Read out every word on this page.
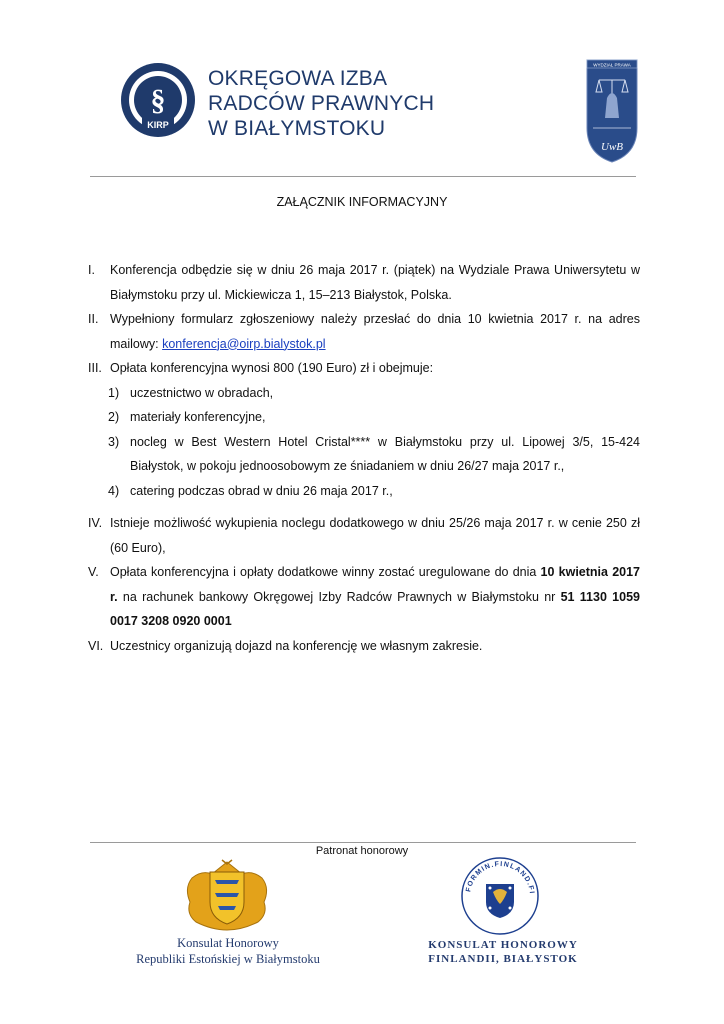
§
KIRP
OKRĘGOWA IZBA
RADCÓW PRAWNYCH
W BIAŁYMSTOKU
WYDZIAŁ PRAWA
UwB
ZAŁĄCZNIK INFORMACYJNY
I. Konferencja odbędzie się w dniu 26 maja 2017 r. (piątek) na Wydziale Prawa Uniwersytetu w Białymstoku przy ul. Mickiewicza 1, 15–213 Białystok, Polska.
II. Wypełniony formularz zgłoszeniowy należy przesłać do dnia 10 kwietnia 2017 r. na adres mailowy: konferencja@oirp.bialystok.pl
III. Opłata konferencyjna wynosi 800 (190 Euro) zł i obejmuje:
1) uczestnictwo w obradach,
2) materiały konferencyjne,
3) nocleg w Best Western Hotel Cristal**** w Białymstoku przy ul. Lipowej 3/5, 15-424 Białystok, w pokoju jednoosobowym ze śniadaniem w dniu 26/27 maja 2017 r.,
4) catering podczas obrad w dniu 26 maja 2017 r.,
IV. Istnieje możliwość wykupienia noclegu dodatkowego w dniu 25/26 maja 2017 r. w cenie 250 zł (60 Euro),
V. Opłata konferencyjna i opłaty dodatkowe winny zostać uregulowane do dnia 10 kwietnia 2017 r. na rachunek bankowy Okręgowej Izby Radców Prawnych w Białymstoku nr 51 1130 1059 0017 3208 0920 0001
VI. Uczestnicy organizują dojazd na konferencję we własnym zakresie.
Patronat honorowy
Konsulat Honorowy
Republiki Estońskiej w Białymstoku
FORMIN.FINLAND.FI
KONSULAT HONOROWY
FINLANDII, BIAŁYSTOK
